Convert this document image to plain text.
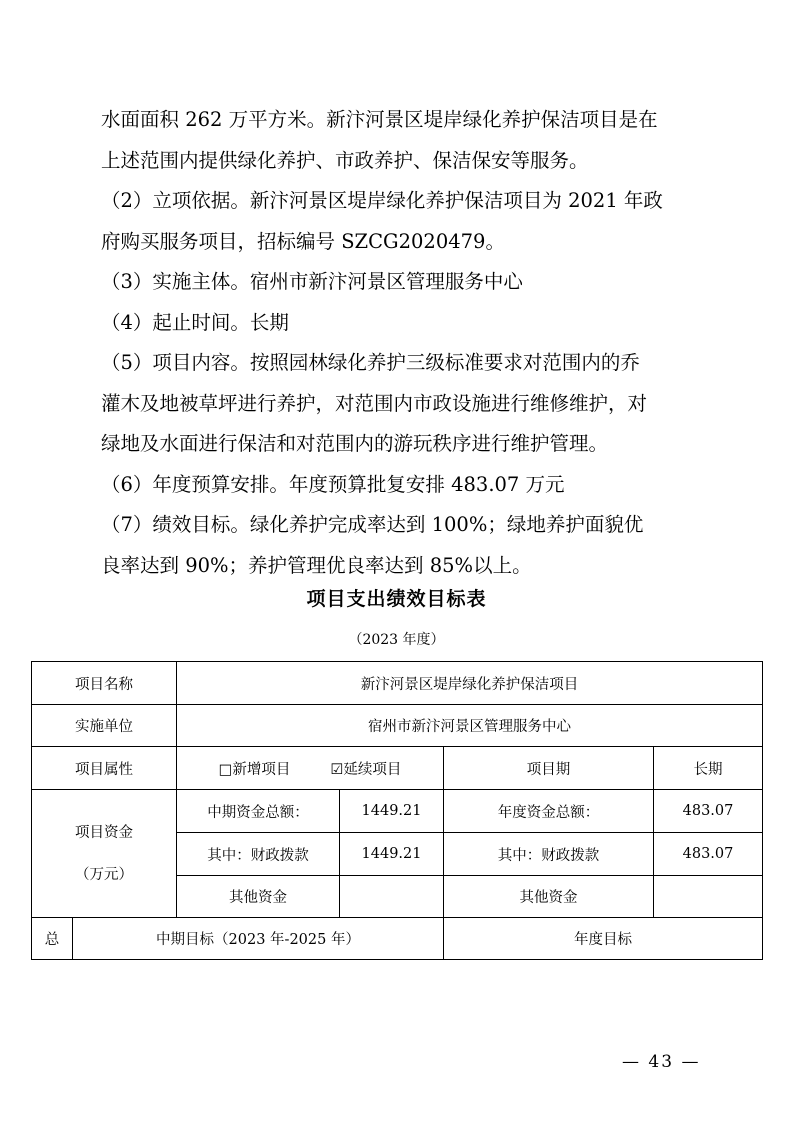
水面面积 262 万平方米。新汴河景区堤岸绿化养护保洁项目是在

上述范围内提供绿化养护、市政养护、保洁保安等服务。

（2）立项依据。新汴河景区堤岸绿化养护保洁项目为 2021 年政

府购买服务项目，招标编号 SZCG2020479。

（3）实施主体。宿州市新汴河景区管理服务中心

（4）起止时间。长期

（5）项目内容。按照园林绿化养护三级标准要求对范围内的乔

灌木及地被草坪进行养护，对范围内市政设施进行维修维护，对

绿地及水面进行保洁和对范围内的游玩秩序进行维护管理。

（6）年度预算安排。年度预算批复安排 483.07 万元

（7）绩效目标。绿化养护完成率达到 100%；绿地养护面貌优

良率达到 90%；养护管理优良率达到 85%以上。

项目支出绩效目标表
（2023 年度）
项目名称		新汴河景区堤岸绿化养护保洁项目			
实施单位		宿州市新汴河景区管理服务中心			
项目属性		□新增项目 ☑延续项目		项目期	长期

项目资金
（万元）		中期资金总额：	1449.21	年度资金总额：	483.07
		其中：财政拨款	1449.21	其中：财政拨款	483.07
		其他资金		其他资金	
总	中期目标（2023 年-2025 年）			年度目标	
— 43 —
